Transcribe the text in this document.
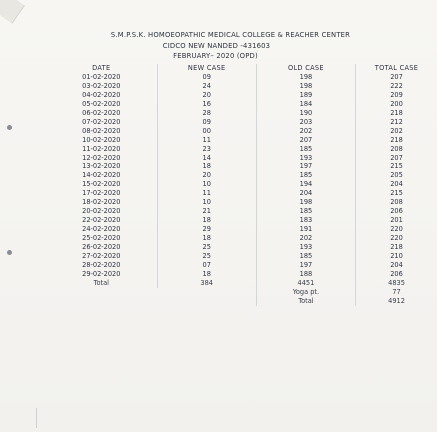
S.M.P.S.K. HOMOEOPATHIC MEDICAL COLLEGE & REACHER CENTER
CIDCO NEW NANDED -431603
FEBRUARY– 2020 (OPD)
DATE	NEW CASE	OLD CASE	TOTAL CASE
01-02-2020	09	198	207
03-02-2020	24	198	222
04-02-2020	20	189	209
05-02-2020	16	184	200
06-02-2020	28	190	218
07-02-2020	09	203	212
08-02-2020	00	202	202
10-02-2020	11	207	218
11-02-2020	23	185	208
12-02-2020	14	193	207
13-02-2020	18	197	215
14-02-2020	20	185	205
15-02-2020	10	194	204
17-02-2020	11	204	215
18-02-2020	10	198	208
20-02-2020	21	185	206
22-02-2020	18	183	201
24-02-2020	29	191	220
25-02-2020	18	202	220
26-02-2020	25	193	218
27-02-2020	25	185	210
28-02-2020	07	197	204
29-02-2020	18	188	206
Total	384	4451	4835
		Yoga pt.	77
		Total	4912
